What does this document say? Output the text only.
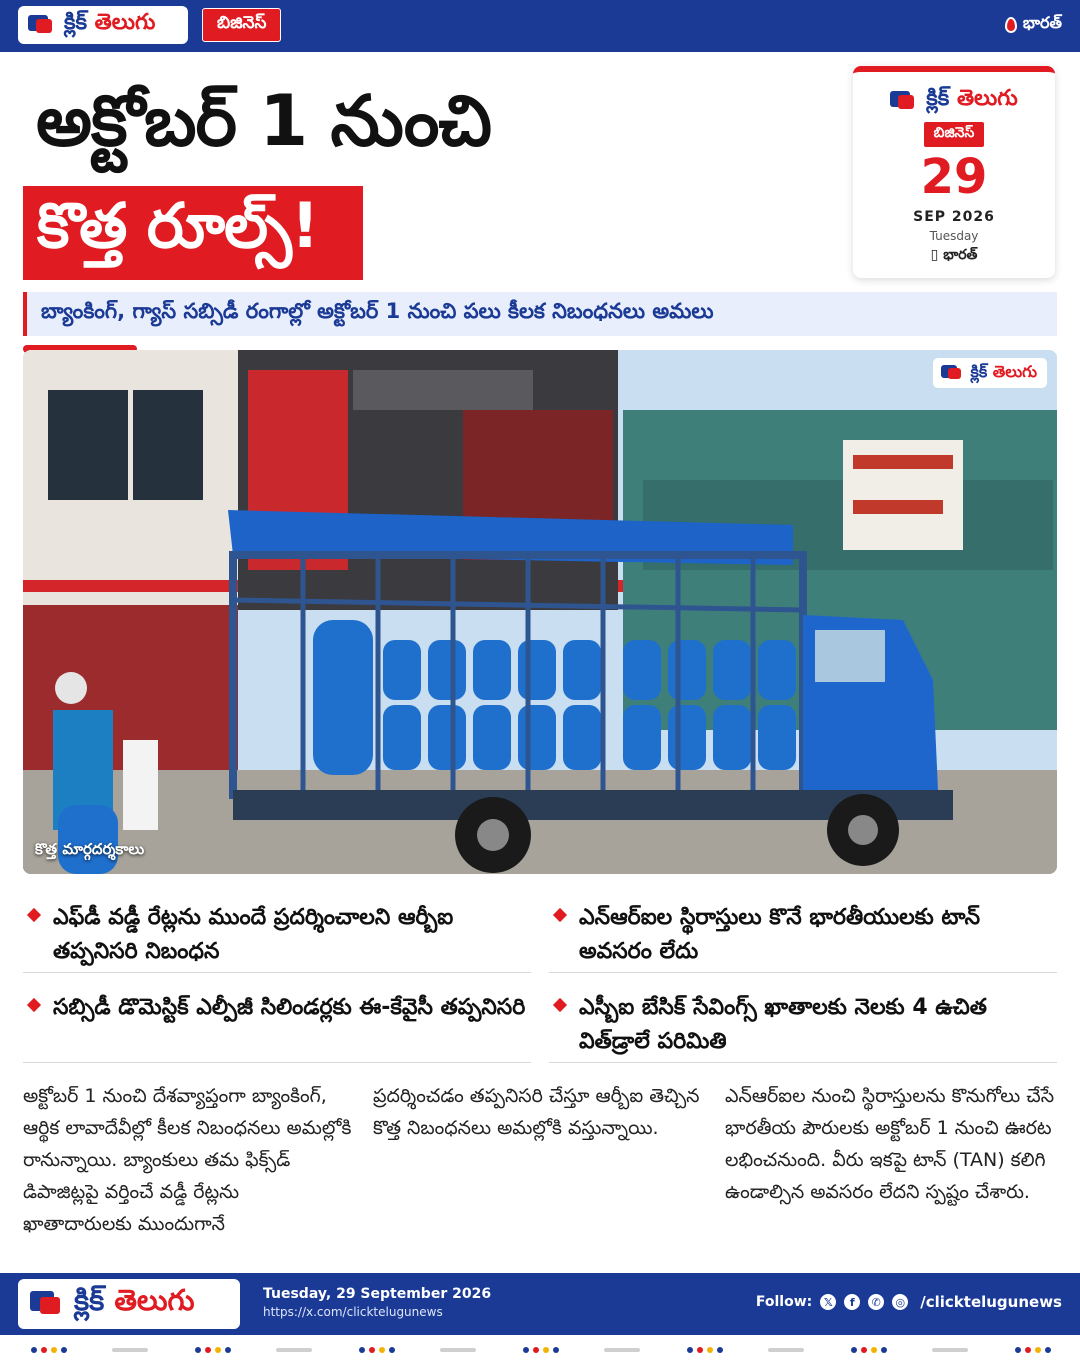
క్లిక్ తెలుగు	బిజినెస్	భారత్
అక్టోబర్ 1 నుంచి
కొత్త రూల్స్!
క్లిక్ తెలుగు
బిజినెస్
29
SEP 2026
Tuesday
▯ భారత్
బ్యాంకింగ్, గ్యాస్ సబ్సిడీ రంగాల్లో అక్టోబర్ 1 నుంచి పలు కీలక నిబంధనలు అమలు
క్లిక్ తెలుగు
కొత్త మార్గదర్శకాలు
ఎఫ్‌డీ వడ్డీ రేట్లను ముందే ప్రదర్శించాలని ఆర్బీఐ తప్పనిసరి నిబంధన
ఎన్ఆర్ఐల స్థిరాస్తులు కొనే భారతీయులకు టాన్ అవసరం లేదు
సబ్సిడీ డొమెస్టిక్ ఎల్పీజీ సిలిండర్లకు ఈ-కేవైసీ తప్పనిసరి ఎస్బీఐ బేసిక్ సేవింగ్స్ ఖాతాలకు నెలకు 4 ఉచిత విత్‌డ్రాలే పరిమితి
అక్టోబర్ 1 నుంచి దేశవ్యాప్తంగా బ్యాంకింగ్, ఆర్థిక లావాదేవీల్లో కీలక నిబంధనలు అమల్లోకి రానున్నాయి. బ్యాంకులు తమ ఫిక్స్‌డ్ డిపాజిట్లపై వర్తించే వడ్డీ రేట్లను ఖాతాదారులకు ముందుగానే
ప్రదర్శించడం తప్పనిసరి చేస్తూ ఆర్బీఐ తెచ్చిన కొత్త నిబంధనలు అమల్లోకి వస్తున్నాయి.
ఎన్ఆర్ఐల నుంచి స్థిరాస్తులను కొనుగోలు చేసే భారతీయ పౌరులకు అక్టోబర్ 1 నుంచి ఊరట లభించనుంది. వీరు ఇకపై టాన్ (TAN) కలిగి ఉండాల్సిన అవసరం లేదని స్పష్టం చేశారు.
క్లిక్ తెలుగు	Tuesday, 29 September 2026
https://x.com/clicktelugunews
Follow:	𝕏	f	✆	◎ /clicktelugunews
